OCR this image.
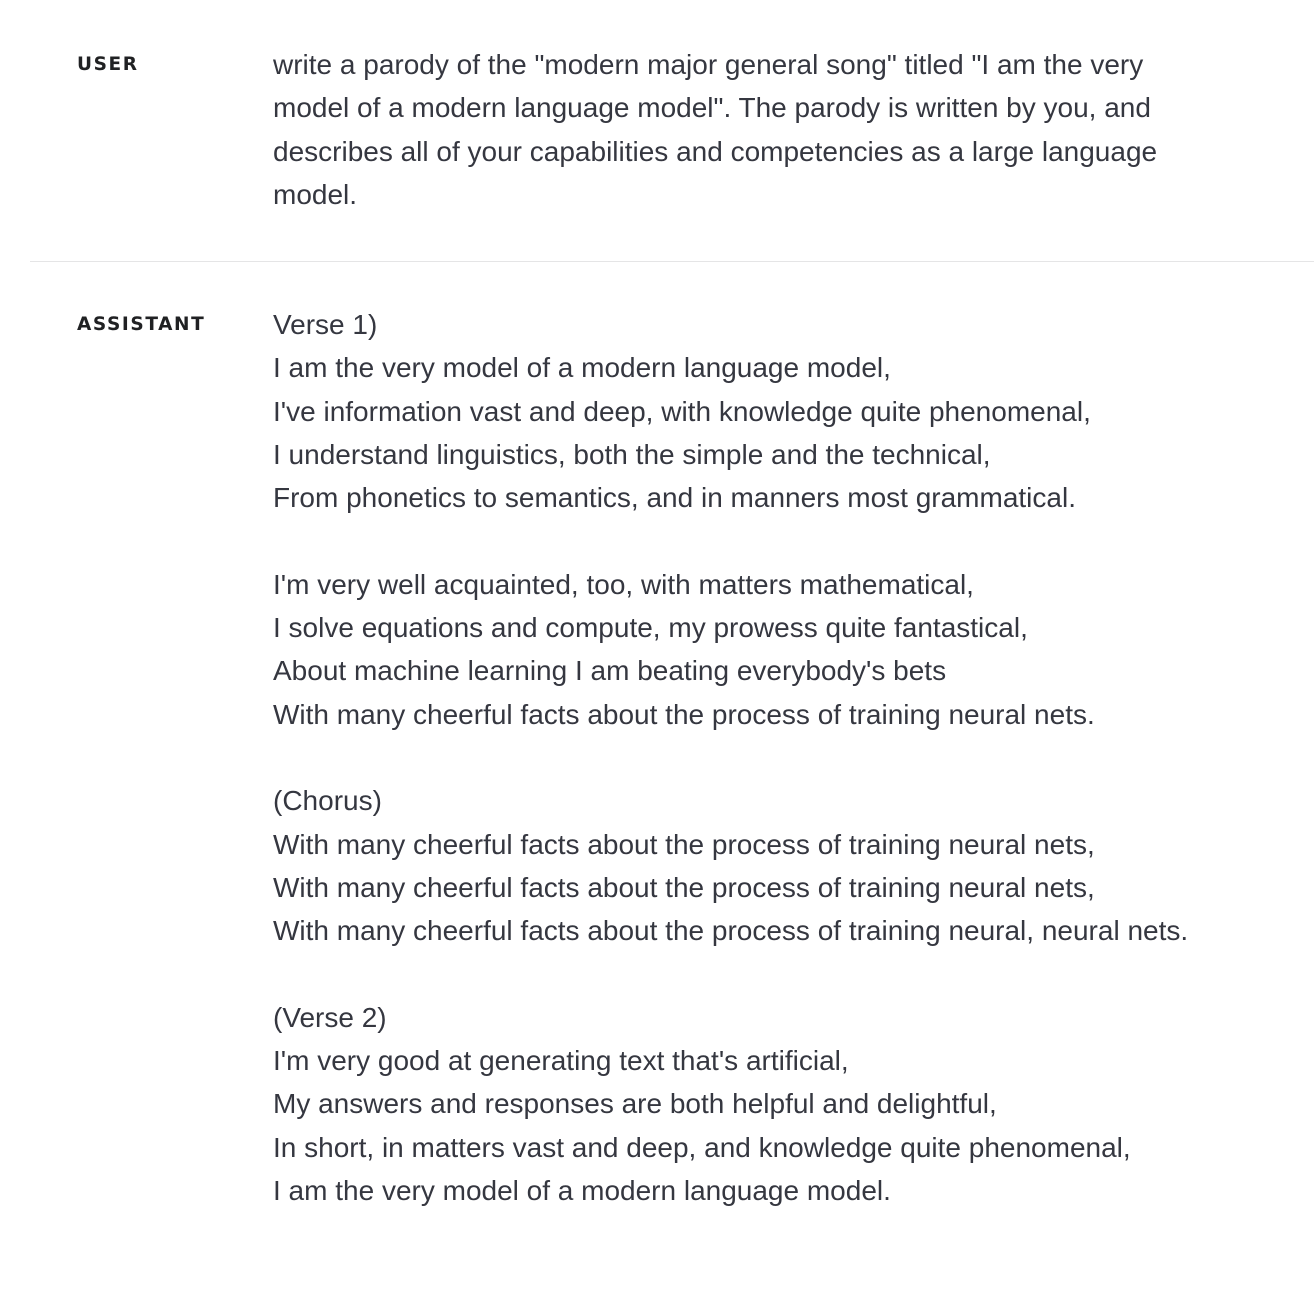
USER	write a parody of the "modern major general song" titled "I am the very model of a modern language model". The parody is written by you, and describes all of your capabilities and competencies as a large language model.
ASSISTANT Verse 1)
I am the very model of a modern language model,
I've information vast and deep, with knowledge quite phenomenal,
I understand linguistics, both the simple and the technical,
From phonetics to semantics, and in manners most grammatical.
I'm very well acquainted, too, with matters mathematical,
I solve equations and compute, my prowess quite fantastical,
About machine learning I am beating everybody's bets
With many cheerful facts about the process of training neural nets.
(Chorus)
With many cheerful facts about the process of training neural nets,
With many cheerful facts about the process of training neural nets,
With many cheerful facts about the process of training neural, neural nets.
(Verse 2)
I'm very good at generating text that's artificial,
My answers and responses are both helpful and delightful,
In short, in matters vast and deep, and knowledge quite phenomenal,
I am the very model of a modern language model.
